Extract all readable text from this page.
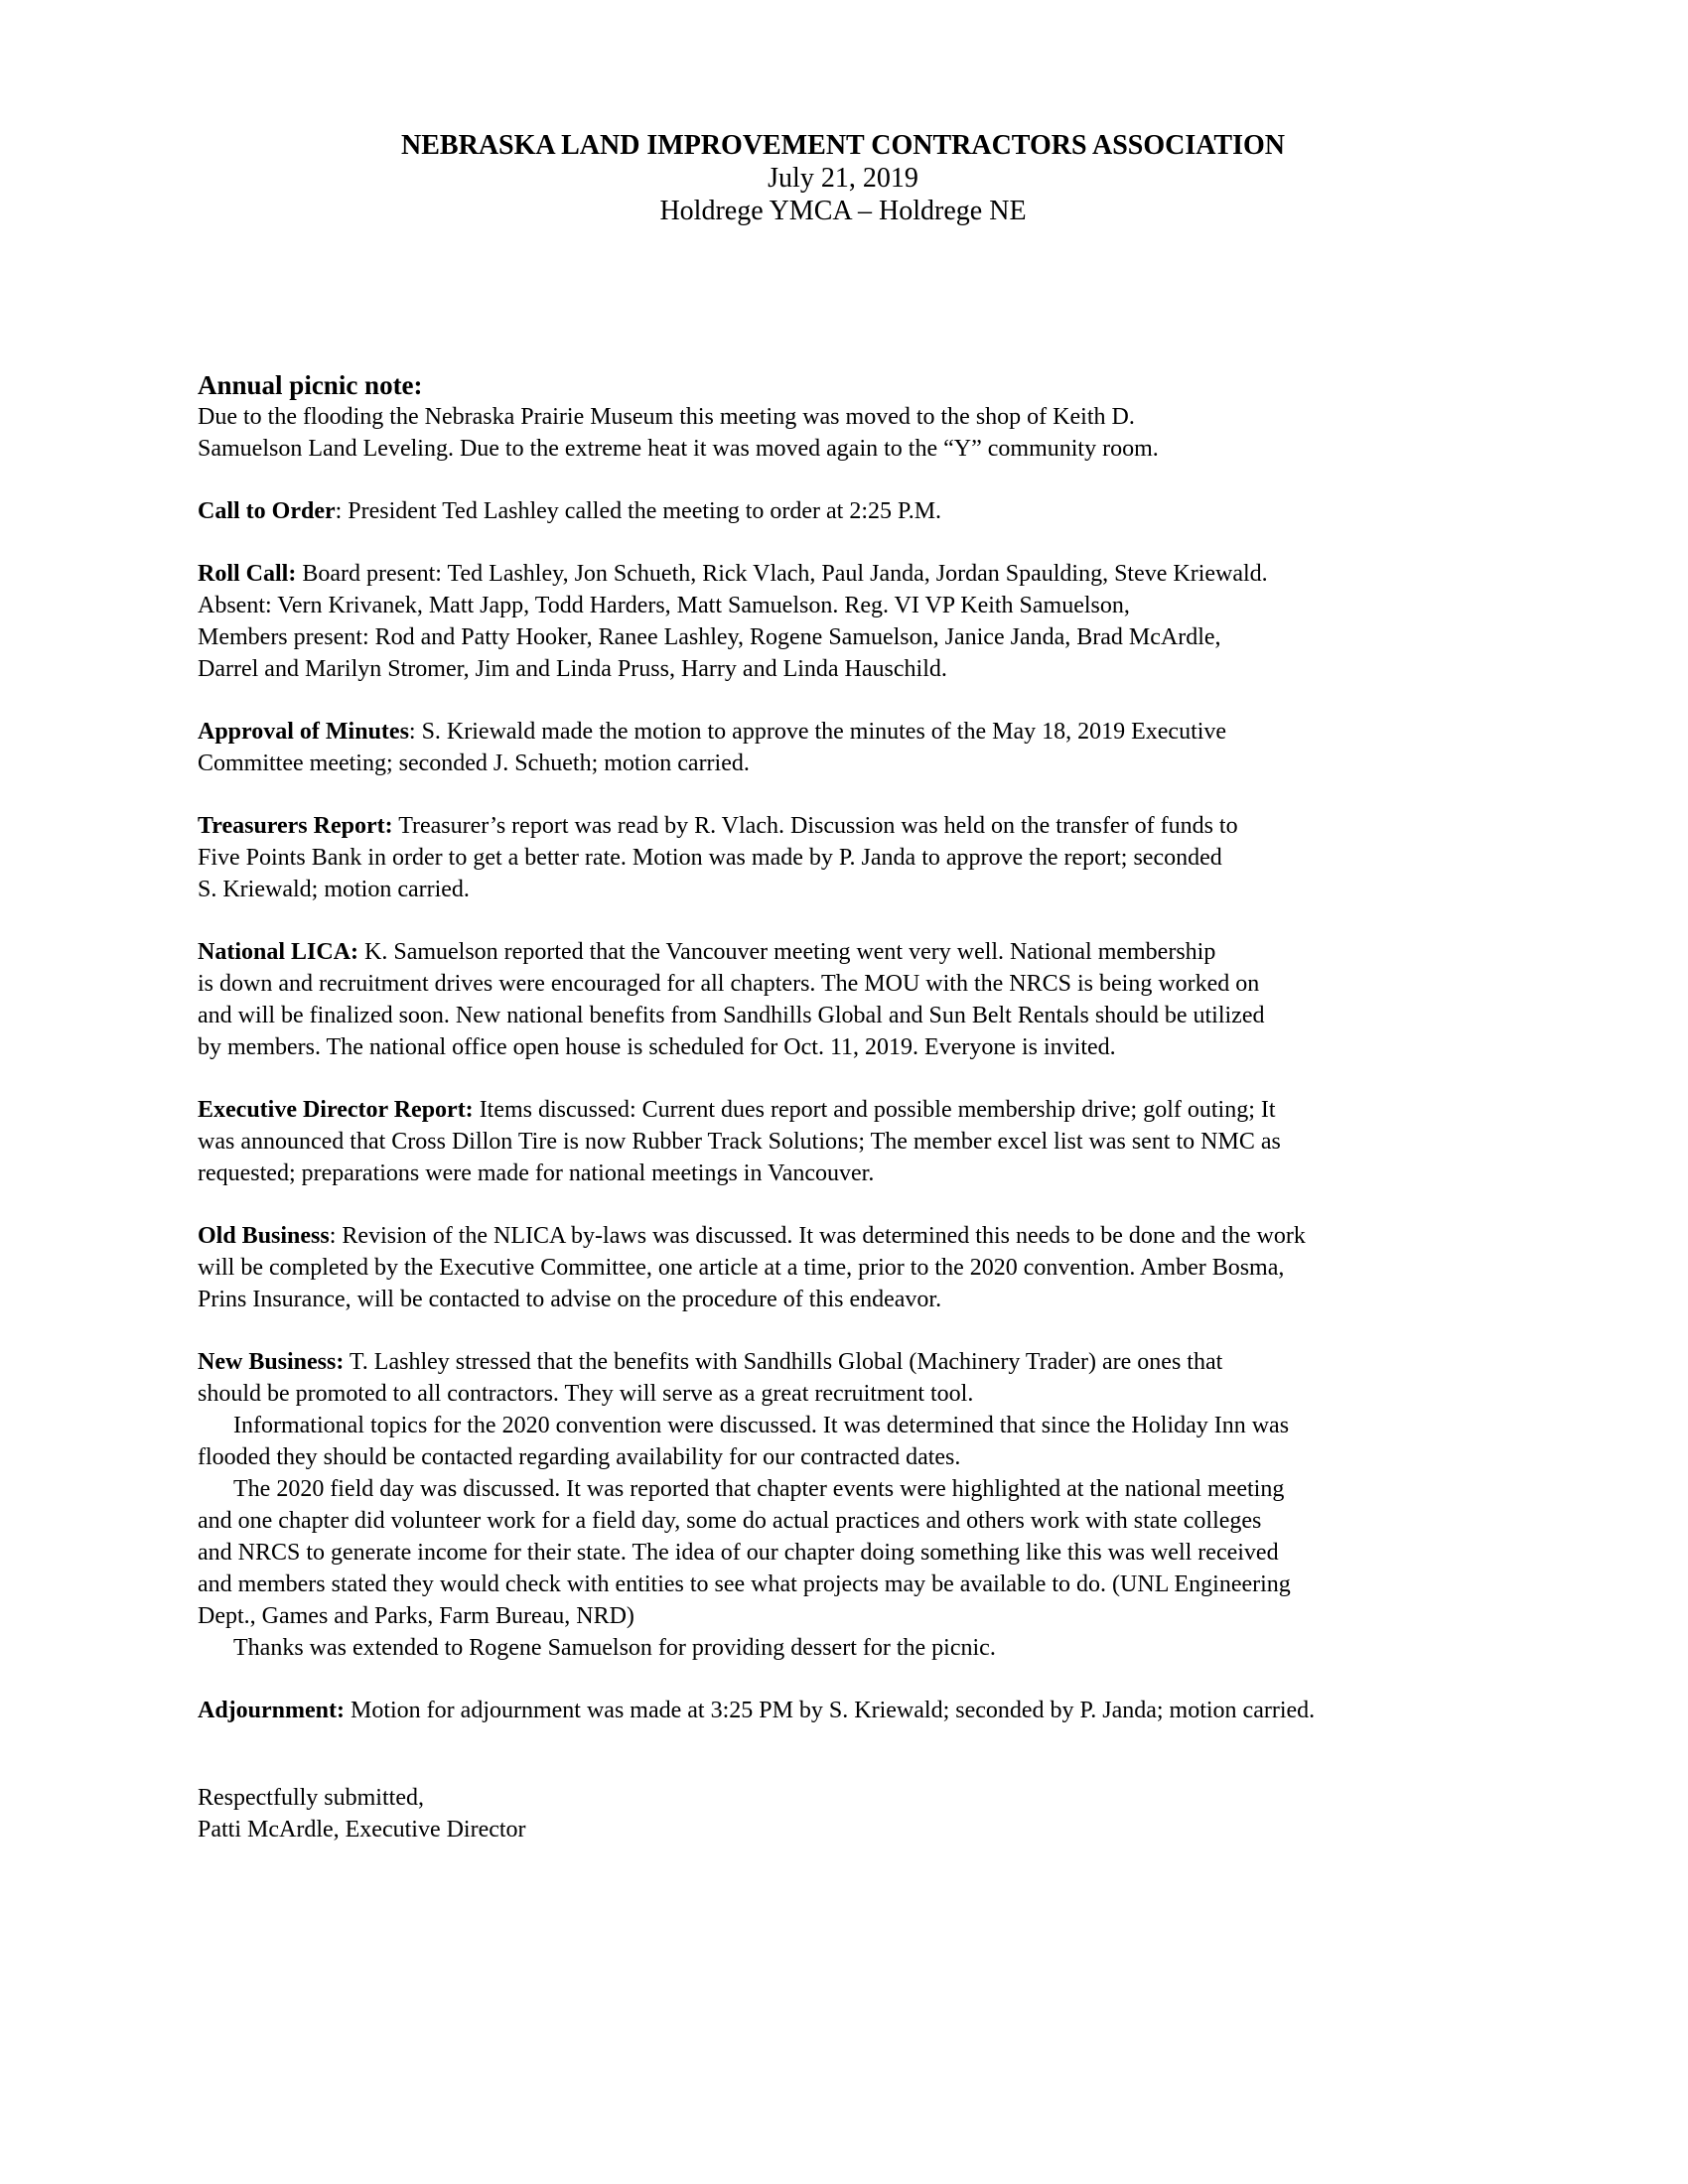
NEBRASKA LAND IMPROVEMENT CONTRACTORS ASSOCIATION
July 21, 2019
Holdrege YMCA – Holdrege NE
Annual picnic note:
Due to the flooding the Nebraska Prairie Museum this meeting was moved to the shop of Keith D.
Samuelson Land Leveling. Due to the extreme heat it was moved again to the “Y” community room.
Call to Order: President Ted Lashley called the meeting to order at 2:25 P.M.
Roll Call: Board present: Ted Lashley, Jon Schueth, Rick Vlach, Paul Janda, Jordan Spaulding, Steve Kriewald.
Absent: Vern Krivanek, Matt Japp, Todd Harders, Matt Samuelson. Reg. VI VP Keith Samuelson,
Members present: Rod and Patty Hooker, Ranee Lashley, Rogene Samuelson, Janice Janda, Brad McArdle,
Darrel and Marilyn Stromer, Jim and Linda Pruss, Harry and Linda Hauschild.
Approval of Minutes: S. Kriewald made the motion to approve the minutes of the May 18, 2019 Executive
Committee meeting; seconded J. Schueth; motion carried.
Treasurers Report: Treasurer’s report was read by R. Vlach. Discussion was held on the transfer of funds to
Five Points Bank in order to get a better rate. Motion was made by P. Janda to approve the report; seconded
S. Kriewald; motion carried.
National LICA: K. Samuelson reported that the Vancouver meeting went very well. National membership
is down and recruitment drives were encouraged for all chapters. The MOU with the NRCS is being worked on
and will be finalized soon. New national benefits from Sandhills Global and Sun Belt Rentals should be utilized
by members. The national office open house is scheduled for Oct. 11, 2019. Everyone is invited.
Executive Director Report: Items discussed: Current dues report and possible membership drive; golf outing; It
was announced that Cross Dillon Tire is now Rubber Track Solutions; The member excel list was sent to NMC as
requested; preparations were made for national meetings in Vancouver.
Old Business: Revision of the NLICA by-laws was discussed. It was determined this needs to be done and the work
will be completed by the Executive Committee, one article at a time, prior to the 2020 convention. Amber Bosma,
Prins Insurance, will be contacted to advise on the procedure of this endeavor.
New Business: T. Lashley stressed that the benefits with Sandhills Global (Machinery Trader) are ones that
should be promoted to all contractors. They will serve as a great recruitment tool.
Informational topics for the 2020 convention were discussed. It was determined that since the Holiday Inn was
flooded they should be contacted regarding availability for our contracted dates.
The 2020 field day was discussed. It was reported that chapter events were highlighted at the national meeting
and one chapter did volunteer work for a field day, some do actual practices and others work with state colleges
and NRCS to generate income for their state. The idea of our chapter doing something like this was well received
and members stated they would check with entities to see what projects may be available to do. (UNL Engineering
Dept., Games and Parks, Farm Bureau, NRD)
Thanks was extended to Rogene Samuelson for providing dessert for the picnic.
Adjournment: Motion for adjournment was made at 3:25 PM by S. Kriewald; seconded by P. Janda; motion carried.
Respectfully submitted,
Patti McArdle, Executive Director
